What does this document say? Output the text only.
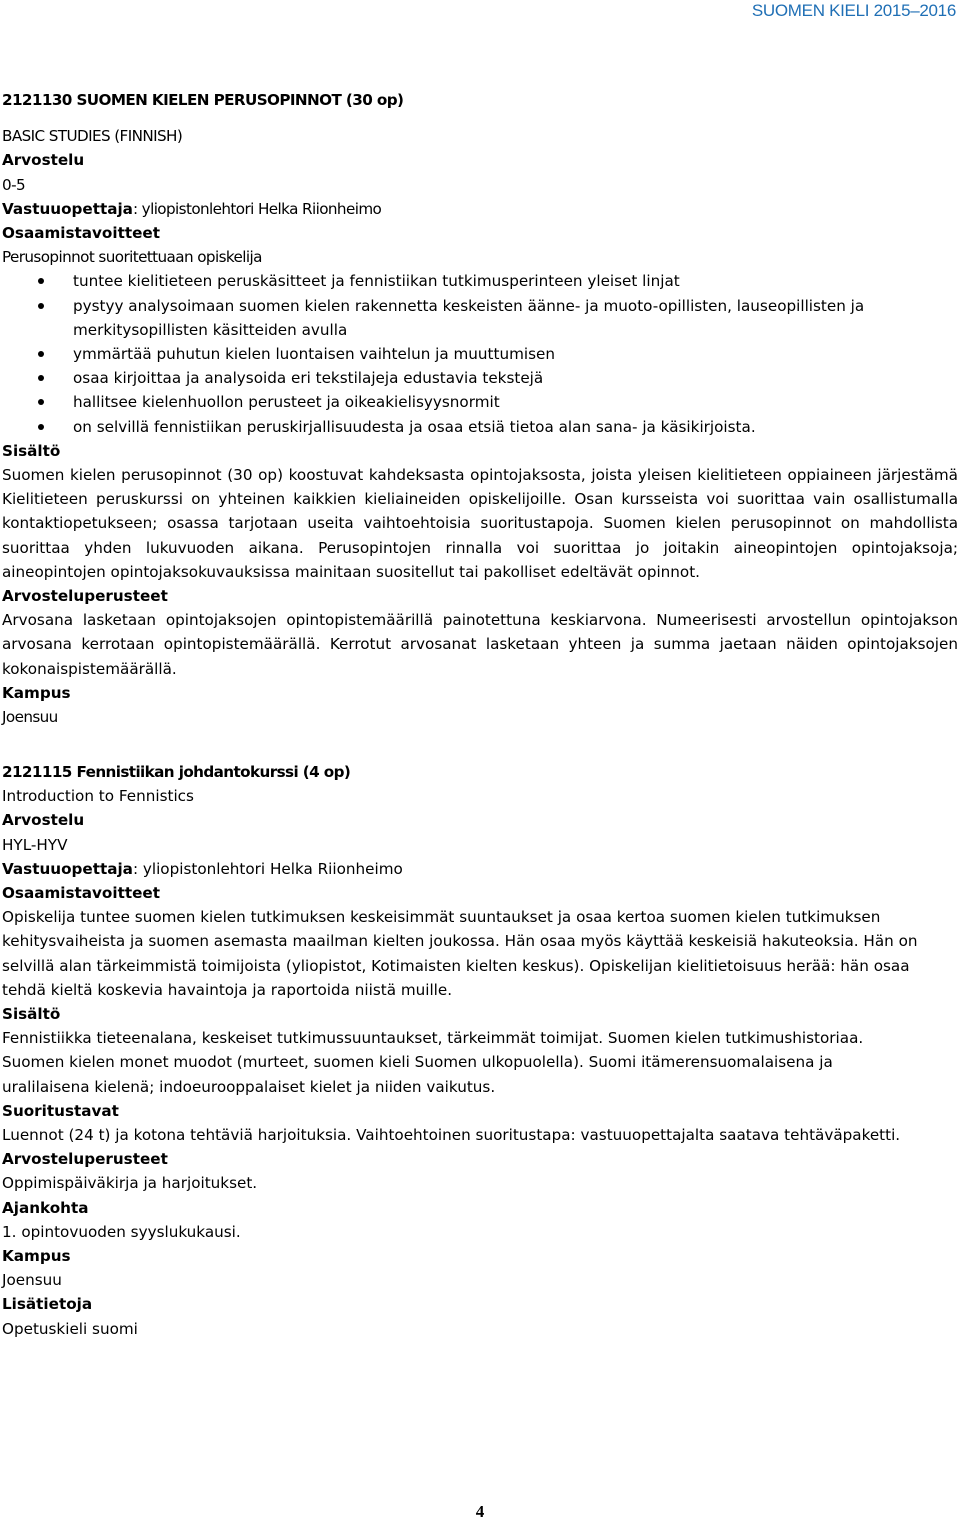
SUOMEN KIELI 2015–2016
2121130 SUOMEN KIELEN PERUSOPINNOT (30 op)
BASIC STUDIES (FINNISH)
Arvostelu
0-5
Vastuuopettaja: yliopistonlehtori Helka Riionheimo
Osaamistavoitteet
Perusopinnot suoritettuaan opiskelija
tuntee kielitieteen peruskäsitteet ja fennistiikan tutkimusperinteen yleiset linjat
pystyy analysoimaan suomen kielen rakennetta keskeisten äänne- ja muoto-opillisten, lauseopillisten ja merkitysopillisten käsitteiden avulla
ymmärtää puhutun kielen luontaisen vaihtelun ja muuttumisen
osaa kirjoittaa ja analysoida eri tekstilajeja edustavia tekstejä
hallitsee kielenhuollon perusteet ja oikeakielisyysnormit
on selvillä fennistiikan peruskirjallisuudesta ja osaa etsiä tietoa alan sana- ja käsikirjoista.
Sisältö
Suomen kielen perusopinnot (30 op) koostuvat kahdeksasta opintojaksosta, joista yleisen kielitieteen oppiaineen järjestämä Kielitieteen peruskurssi on yhteinen kaikkien kieliaineiden opiskelijoille. Osan kursseista voi suorittaa vain osallistumalla kontaktiopetukseen; osassa tarjotaan useita vaihtoehtoisia suoritustapoja. Suomen kielen perusopinnot on mahdollista suorittaa yhden lukuvuoden aikana. Perusopintojen rinnalla voi suorittaa jo joitakin aineopintojen opintojaksoja; aineopintojen opintojaksokuvauksissa mainitaan suositellut tai pakolliset edeltävät opinnot.
Arvosteluperusteet
Arvosana lasketaan opintojaksojen opintopistemäärillä painotettuna keskiarvona. Numeerisesti arvostellun opintojakson arvosana kerrotaan opintopistemäärällä. Kerrotut arvosanat lasketaan yhteen ja summa jaetaan näiden opintojaksojen kokonaispistemäärällä.
Kampus
Joensuu
2121115 Fennistiikan johdantokurssi (4 op)
Introduction to Fennistics
Arvostelu
HYL-HYV
Vastuuopettaja: yliopistonlehtori Helka Riionheimo
Osaamistavoitteet
Opiskelija tuntee suomen kielen tutkimuksen keskeisimmät suuntaukset ja osaa kertoa suomen kielen tutkimuksen kehitysvaiheista ja suomen asemasta maailman kielten joukossa. Hän osaa myös käyttää keskeisiä hakuteoksia. Hän on selvillä alan tärkeimmistä toimijoista (yliopistot, Kotimaisten kielten keskus). Opiskelijan kielitietoisuus herää: hän osaa tehdä kieltä koskevia havaintoja ja raportoida niistä muille.
Sisältö
Fennistiikka tieteenalana, keskeiset tutkimussuuntaukset, tärkeimmät toimijat. Suomen kielen tutkimushistoriaa. Suomen kielen monet muodot (murteet, suomen kieli Suomen ulkopuolella). Suomi itämerensuomalaisena ja uralilaisena kielenä; indoeurooppalaiset kielet ja niiden vaikutus.
Suoritustavat
Luennot (24 t) ja kotona tehtäviä harjoituksia. Vaihtoehtoinen suoritustapa: vastuuopettajalta saatava tehtäväpaketti.
Arvosteluperusteet
Oppimispäiväkirja ja harjoitukset.
Ajankohta
1. opintovuoden syyslukukausi.
Kampus
Joensuu
Lisätietoja
Opetuskieli suomi
4
